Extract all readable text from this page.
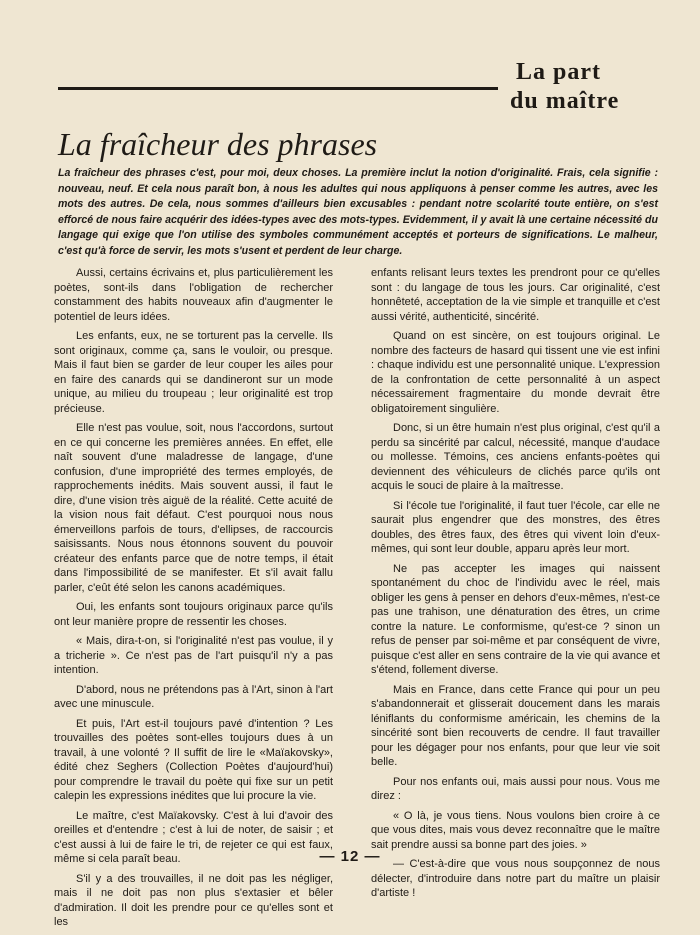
La part
du maître
La fraîcheur des phrases

La fraîcheur des phrases c'est, pour moi, deux choses. La première inclut la notion d'originalité. Frais, cela signifie : nouveau, neuf. Et cela nous paraît bon, à nous les adultes qui nous appliquons à penser comme les autres, avec les mots des autres. De cela, nous sommes d'ailleurs bien excusables : pendant notre scolarité toute entière, on s'est efforcé de nous faire acquérir des idées-types avec des mots-types. Evidemment, il y avait là une certaine nécessité du langage qui exige que l'on utilise des symboles communément acceptés et porteurs de significations. Le malheur, c'est qu'à force de servir, les mots s'usent et perdent de leur charge.

Aussi, certains écrivains et, plus particulièrement les poètes, sont-ils dans l'obligation de rechercher constamment des habits nouveaux afin d'augmenter le potentiel de leurs idées.

Les enfants, eux, ne se torturent pas la cervelle. Ils sont originaux, comme ça, sans le vouloir, ou presque. Mais il faut bien se garder de leur couper les ailes pour en faire des canards qui se dandineront sur un mode unique, au milieu du troupeau ; leur originalité est trop précieuse.

Elle n'est pas voulue, soit, nous l'accordons, surtout en ce qui concerne les premières années. En effet, elle naît souvent d'une maladresse de langage, d'une confusion, d'une impropriété des termes employés, de rapprochements inédits. Mais souvent aussi, il faut le dire, d'une vision très aiguë de la réalité. Cette acuité de la vision nous fait défaut. C'est pourquoi nous nous émerveillons parfois de tours, d'ellipses, de raccourcis saisissants. Nous nous étonnons souvent du pouvoir créateur des enfants parce que de notre temps, il était dans l'impossibilité de se manifester. Et s'il avait fallu parler, c'eût été selon les canons académiques.

Oui, les enfants sont toujours originaux parce qu'ils ont leur manière propre de ressentir les choses.

« Mais, dira-t-on, si l'originalité n'est pas voulue, il y a tricherie ». Ce n'est pas de l'art puisqu'il n'y a pas intention.

D'abord, nous ne prétendons pas à l'Art, sinon à l'art avec une minuscule.

Et puis, l'Art est-il toujours pavé d'intention ? Les trouvailles des poètes sont-elles toujours dues à un travail, à une volonté ? Il suffit de lire le «Maïakovsky», édité chez Seghers (Collection Poètes d'aujourd'hui) pour comprendre le travail du poète qui fixe sur un petit calepin les expressions inédites que lui procure la vie.

Le maître, c'est Maïakovsky. C'est à lui d'avoir des oreilles et d'entendre ; c'est à lui de noter, de saisir ; et c'est aussi à lui de faire le tri, de rejeter ce qui est faux, même si cela paraît beau.

S'il y a des trouvailles, il ne doit pas les négliger, mais il ne doit pas non plus s'extasier et bêler d'admiration. Il doit les prendre pour ce qu'elles sont et les

enfants relisant leurs textes les prendront pour ce qu'elles sont : du langage de tous les jours. Car originalité, c'est honnêteté, acceptation de la vie simple et tranquille et c'est aussi vérité, authenticité, sincérité.

Quand on est sincère, on est toujours original. Le nombre des facteurs de hasard qui tissent une vie est infini : chaque individu est une personnalité unique. L'expression de la confrontation de cette personnalité à un aspect nécessairement fragmentaire du monde devrait être obligatoirement singulière.

Donc, si un être humain n'est plus original, c'est qu'il a perdu sa sincérité par calcul, nécessité, manque d'audace ou mollesse. Témoins, ces anciens enfants-poètes qui deviennent des véhiculeurs de clichés parce qu'ils ont acquis le souci de plaire à la maîtresse.

Si l'école tue l'originalité, il faut tuer l'école, car elle ne saurait plus engendrer que des monstres, des êtres doubles, des êtres faux, des êtres qui vivent loin d'eux-mêmes, qui sont leur double, apparu après leur mort.

Ne pas accepter les images qui naissent spontanément du choc de l'individu avec le réel, mais obliger les gens à penser en dehors d'eux-mêmes, n'est-ce pas une trahison, une dénaturation des êtres, un crime contre la nature. Le conformisme, qu'est-ce ? sinon un refus de penser par soi-même et par conséquent de vivre, puisque c'est aller en sens contraire de la vie qui avance et s'étend, follement diverse.

Mais en France, dans cette France qui pour un peu s'abandonnerait et glisserait doucement dans les marais léniflants du conformisme américain, les chemins de la sincérité sont bien recouverts de cendre. Il faut travailler pour les dégager pour nos enfants, pour que leur vie soit belle.

Pour nos enfants oui, mais aussi pour nous. Vous me direz :

« O là, je vous tiens. Nous voulons bien croire à ce que vous dites, mais vous devez reconnaître que le maître sait prendre aussi sa bonne part des joies. »

— C'est-à-dire que vous nous soupçonnez de nous délecter, d'introduire dans notre part du maître un plaisir d'artiste !

— 12 —
